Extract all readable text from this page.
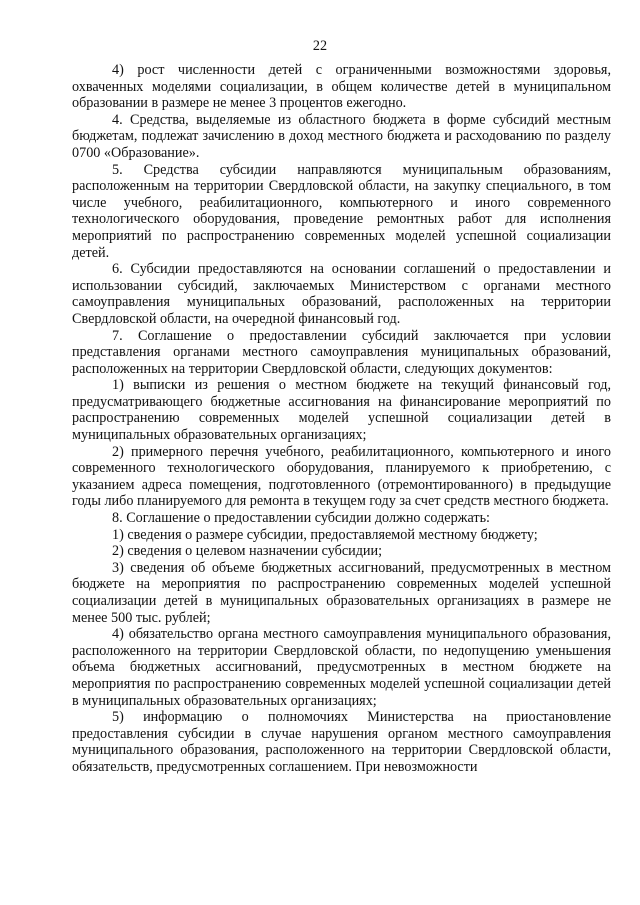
22

4) рост численности детей с ограниченными возможностями здоровья, охваченных моделями социализации, в общем количестве детей в муниципальном образовании в размере не менее 3 процентов ежегодно.

4. Средства, выделяемые из областного бюджета в форме субсидий местным бюджетам, подлежат зачислению в доход местного бюджета и расходованию по разделу 0700 «Образование».

5. Средства субсидии направляются муниципальным образованиям, расположенным на территории Свердловской области, на закупку специального, в том числе учебного, реабилитационного, компьютерного и иного современного технологического оборудования, проведение ремонтных работ для исполнения мероприятий по распространению современных моделей успешной социализации детей.

6. Субсидии предоставляются на основании соглашений о предоставлении и использовании субсидий, заключаемых Министерством с органами местного самоуправления муниципальных образований, расположенных на территории Свердловской области, на очередной финансовый год.

7. Соглашение о предоставлении субсидий заключается при условии представления органами местного самоуправления муниципальных образований, расположенных на территории Свердловской области, следующих документов:

1) выписки из решения о местном бюджете на текущий финансовый год, предусматривающего бюджетные ассигнования на финансирование мероприятий по распространению современных моделей успешной социализации детей в муниципальных образовательных организациях;

2) примерного перечня учебного, реабилитационного, компьютерного и иного современного технологического оборудования, планируемого к приобретению, с указанием адреса помещения, подготовленного (отремонтированного) в предыдущие годы либо планируемого для ремонта в текущем году за счет средств местного бюджета.

8. Соглашение о предоставлении субсидии должно содержать:

1) сведения о размере субсидии, предоставляемой местному бюджету;

2) сведения о целевом назначении субсидии;

3) сведения об объеме бюджетных ассигнований, предусмотренных в местном бюджете на мероприятия по распространению современных моделей успешной социализации детей в муниципальных образовательных организациях в размере не менее 500 тыс. рублей;

4) обязательство органа местного самоуправления муниципального образования, расположенного на территории Свердловской области, по недопущению уменьшения объема бюджетных ассигнований, предусмотренных в местном бюджете на мероприятия по распространению современных моделей успешной социализации детей в муниципальных образовательных организациях;

5) информацию о полномочиях Министерства на приостановление предоставления субсидии в случае нарушения органом местного самоуправления муниципального образования, расположенного на территории Свердловской области, обязательств, предусмотренных соглашением. При невозможности
